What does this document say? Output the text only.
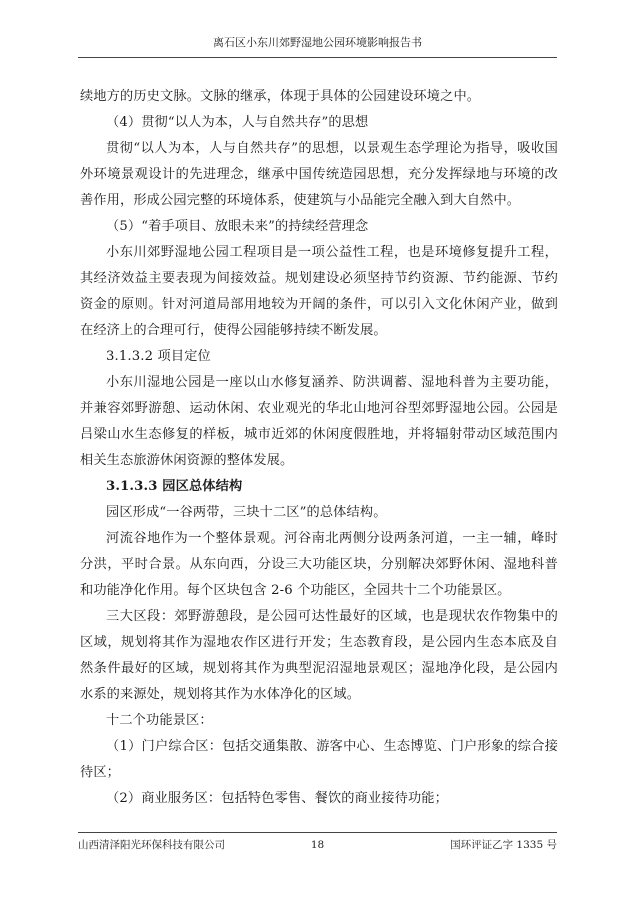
离石区小东川郊野湿地公园环境影响报告书

续地方的历史文脉。文脉的继承，体现于具体的公园建设环境之中。

（4）贯彻“以人为本，人与自然共存”的思想

贯彻“以人为本，人与自然共存”的思想，以景观生态学理论为指导，吸收国外环境景观设计的先进理念，继承中国传统造园思想，充分发挥绿地与环境的改善作用，形成公园完整的环境体系，使建筑与小品能完全融入到大自然中。

（5）“着手项目、放眼未来”的持续经营理念

小东川郊野湿地公园工程项目是一项公益性工程，也是环境修复提升工程，其经济效益主要表现为间接效益。规划建设必须坚持节约资源、节约能源、节约资金的原则。针对河道局部用地较为开阔的条件，可以引入文化休闲产业，做到在经济上的合理可行，使得公园能够持续不断发展。

3.1.3.2 项目定位

小东川湿地公园是一座以山水修复涵养、防洪调蓄、湿地科普为主要功能，并兼容郊野游憩、运动休闲、农业观光的华北山地河谷型郊野湿地公园。公园是吕梁山水生态修复的样板，城市近郊的休闲度假胜地，并将辐射带动区域范围内相关生态旅游休闲资源的整体发展。

3.1.3.3 园区总体结构

园区形成“一谷两带，三块十二区”的总体结构。

河流谷地作为一个整体景观。河谷南北两侧分设两条河道，一主一辅，峰时分洪，平时合景。从东向西，分设三大功能区块，分别解决郊野休闲、湿地科普和功能净化作用。每个区块包含 2-6 个功能区，全园共十二个功能景区。

三大区段：郊野游憩段，是公园可达性最好的区域，也是现状农作物集中的区域，规划将其作为湿地农作区进行开发；生态教育段，是公园内生态本底及自然条件最好的区域，规划将其作为典型泥沼湿地景观区；湿地净化段，是公园内水系的来源处，规划将其作为水体净化的区域。

十二个功能景区：

（1）门户综合区：包括交通集散、游客中心、生态博览、门户形象的综合接待区；

（2）商业服务区：包括特色零售、餐饮的商业接待功能；

山西清泽阳光环保科技有限公司	18	国环评证乙字 1335 号
